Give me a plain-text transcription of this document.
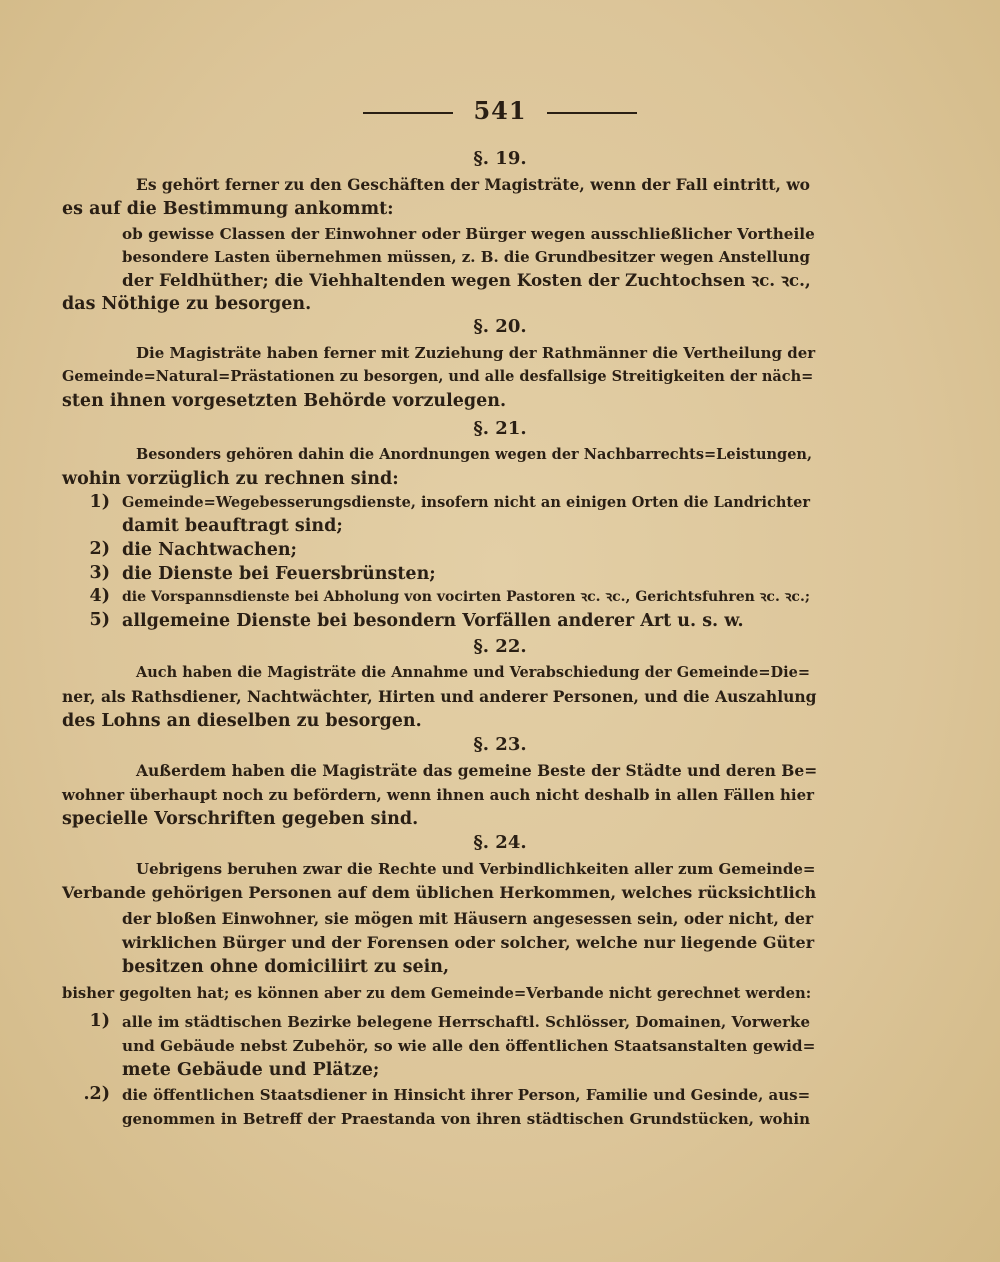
541
§. 19.
Es gehört ferner zu den Geschäften der Magisträte, wenn der Fall eintritt, wo
es auf die Bestimmung ankommt:
ob gewisse Classen der Einwohner oder Bürger wegen ausschließlicher Vortheile
besondere Lasten übernehmen müssen, z. B. die Grundbesitzer wegen Anstellung
der Feldhüther; die Viehhaltenden wegen Kosten der Zuchtochsen ꝛc. ꝛc.,
das Nöthige zu besorgen.
§. 20.
Die Magisträte haben ferner mit Zuziehung der Rathmänner die Vertheilung der
Gemeinde=Natural=Prästationen zu besorgen, und alle desfallsige Streitigkeiten der näch=
sten ihnen vorgesetzten Behörde vorzulegen.
§. 21.
Besonders gehören dahin die Anordnungen wegen der Nachbarrechts=Leistungen,
wohin vorzüglich zu rechnen sind:
1) Gemeinde=Wegebesserungsdienste, insofern nicht an einigen Orten die Landrichter
damit beauftragt sind;
2) die Nachtwachen;
3) die Dienste bei Feuersbrünsten;
4) die Vorspannsdienste bei Abholung von vocirten Pastoren ꝛc. ꝛc., Gerichtsfuhren ꝛc. ꝛc.;
5) allgemeine Dienste bei besondern Vorfällen anderer Art u. s. w.
§. 22.
Auch haben die Magisträte die Annahme und Verabschiedung der Gemeinde=Die=
ner, als Rathsdiener, Nachtwächter, Hirten und anderer Personen, und die Auszahlung
des Lohns an dieselben zu besorgen.
§. 23.
Außerdem haben die Magisträte das gemeine Beste der Städte und deren Be=
wohner überhaupt noch zu befördern, wenn ihnen auch nicht deshalb in allen Fällen hier
specielle Vorschriften gegeben sind.
§. 24.
Uebrigens beruhen zwar die Rechte und Verbindlichkeiten aller zum Gemeinde=
Verbande gehörigen Personen auf dem üblichen Herkommen, welches rücksichtlich
der bloßen Einwohner, sie mögen mit Häusern angesessen sein, oder nicht, der
wirklichen Bürger und der Forensen oder solcher, welche nur liegende Güter
besitzen ohne domiciliirt zu sein,
bisher gegolten hat; es können aber zu dem Gemeinde=Verbande nicht gerechnet werden:
1) alle im städtischen Bezirke belegene Herrschaftl. Schlösser, Domainen, Vorwerke
und Gebäude nebst Zubehör, so wie alle den öffentlichen Staatsanstalten gewid=
mete Gebäude und Plätze;
.2) die öffentlichen Staatsdiener in Hinsicht ihrer Person, Familie und Gesinde, aus=
genommen in Betreff der Praestanda von ihren städtischen Grundstücken, wohin
